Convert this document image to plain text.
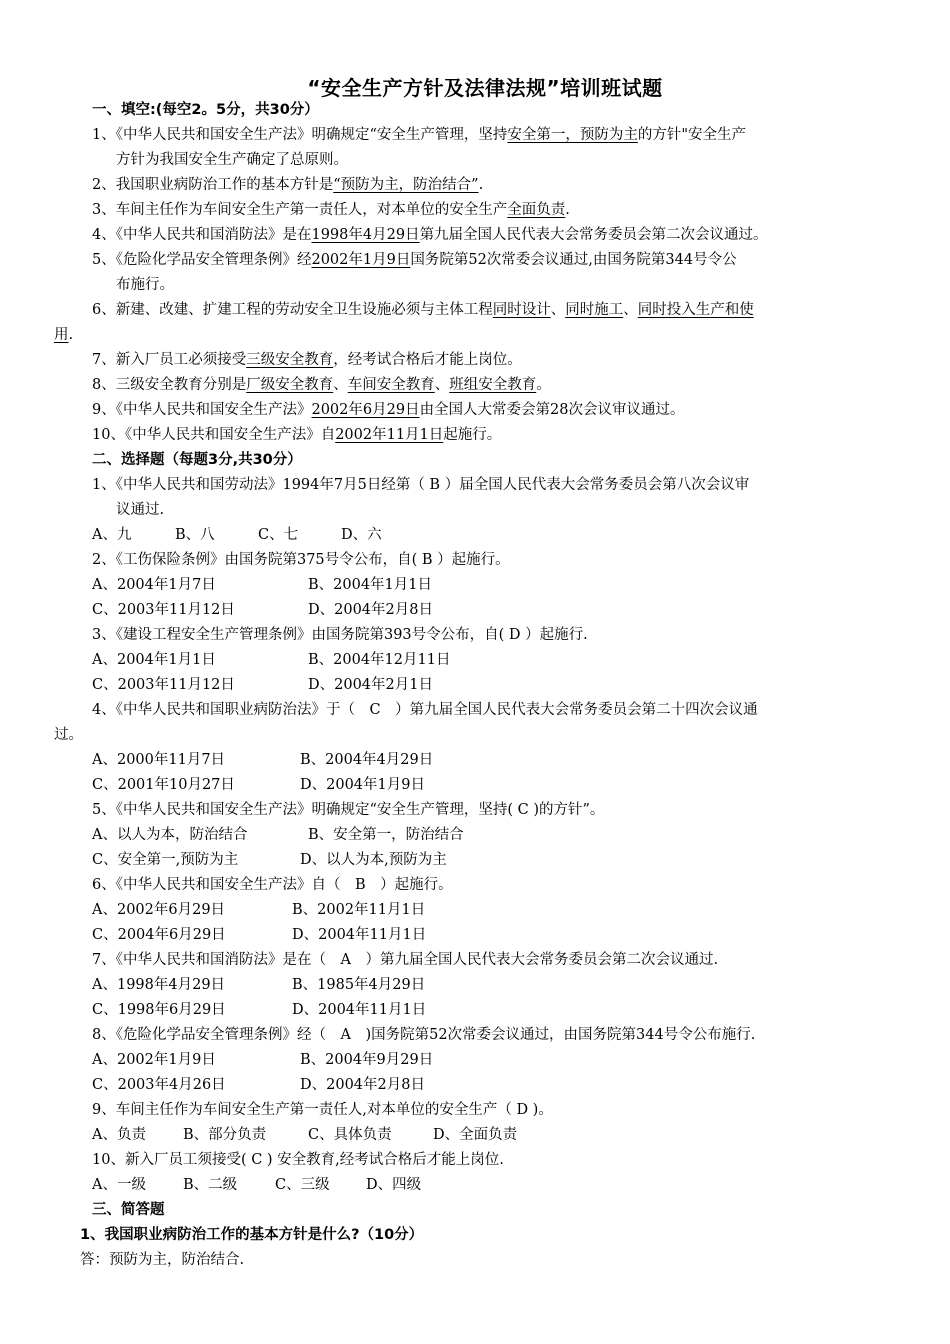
“安全生产方针及法律法规”培训班试题
一、填空:(每空2。5分，共30分）
1、《中华人民共和国安全生产法》明确规定“安全生产管理，坚持安全第一，预防为主的方针"安全生产
方针为我国安全生产确定了总原则。
2、我国职业病防治工作的基本方针是“预防为主，防治结合”.
3、车间主任作为车间安全生产第一责任人，对本单位的安全生产全面负责.
4、《中华人民共和国消防法》是在1998年4月29日第九届全国人民代表大会常务委员会第二次会议通过。
5、《危险化学品安全管理条例》经2002年1月9日国务院第52次常委会议通过,由国务院第344号令公
布施行。
6、新建、改建、扩建工程的劳动安全卫生设施必须与主体工程同时设计、同时施工、同时投入生产和使
用.
7、新入厂员工必须接受三级安全教育，经考试合格后才能上岗位。
8、三级安全教育分别是厂级安全教育、车间安全教育、班组安全教育。
9、《中华人民共和国安全生产法》2002年6月29日由全国人大常委会第28次会议审议通过。
10、《中华人民共和国安全生产法》自2002年11月1日起施行。
二、选择题（每题3分,共30分）
1、《中华人民共和国劳动法》1994年7月5日经第（ B ）届全国人民代表大会常务委员会第八次会议审
议通过.
A、九	B、八	C、七	D、六
2、《工伤保险条例》由国务院第375号令公布，自( B ）起施行。
A、2004年1月7日	B、2004年1月1日
C、2003年11月12日	D、2004年2月8日
3、《建设工程安全生产管理条例》由国务院第393号令公布，自( D ）起施行.
A、2004年1月1日	B、2004年12月11日
C、2003年11月12日	D、2004年2月1日
4、《中华人民共和国职业病防治法》于（　C　）第九届全国人民代表大会常务委员会第二十四次会议通
过。
A、2000年11月7日	B、2004年4月29日
C、2001年10月27日	D、2004年1月9日
5、《中华人民共和国安全生产法》明确规定“安全生产管理，坚持( C )的方针”。
A、以人为本，防治结合	B、安全第一，防治结合
C、安全第一,预防为主	D、以人为本,预防为主
6、《中华人民共和国安全生产法》自（　B　）起施行。
A、2002年6月29日	B、2002年11月1日
C、2004年6月29日	D、2004年11月1日
7、《中华人民共和国消防法》是在（　A　）第九届全国人民代表大会常务委员会第二次会议通过.
A、1998年4月29日	B、1985年4月29日
C、1998年6月29日	D、2004年11月1日
8、《危险化学品安全管理条例》经（　A　)国务院第52次常委会议通过，由国务院第344号令公布施行.
A、2002年1月9日	B、2004年9月29日
C、2003年4月26日	D、2004年2月8日
9、车间主任作为车间安全生产第一责任人,对本单位的安全生产（ D )。
A、负责	B、部分负责	C、具体负责	D、全面负责
10、新入厂员工须接受( C ) 安全教育,经考试合格后才能上岗位.
A、一级	B、二级	C、三级	D、四级
三、简答题
1、我国职业病防治工作的基本方针是什么?（10分）
答：预防为主，防治结合.
